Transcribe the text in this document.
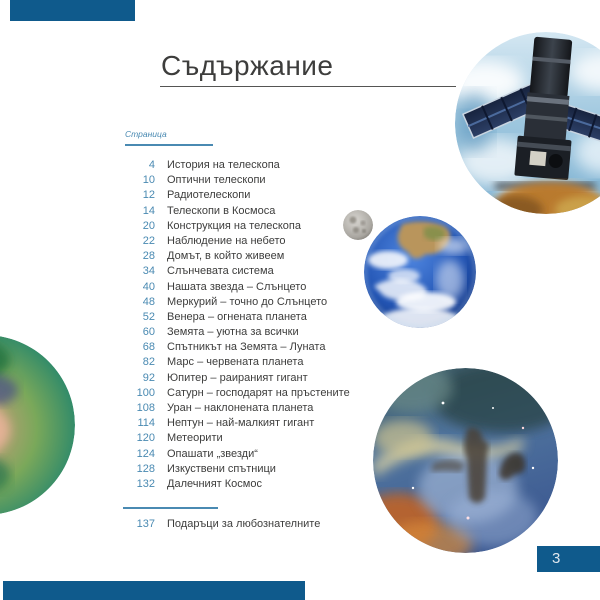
Съдържание
Страница
4 История на телескопа
10 Оптични телескопи
12 Радиотелескопи
14 Телескопи в Космоса
20 Конструкция на телескопа
22 Наблюдение на небето
28 Домът, в който живеем
34 Слънчевата система
40 Нашата звезда – Слънцето
48 Меркурий – точно до Слънцето
52 Венера – огнената планета
60 Земята – уютна за всички
68 Спътникът на Земята – Луната
82 Марс – червената планета
92 Юпитер – раираният гигант
100 Сатурн – господарят на пръстените
108 Уран – наклонената планета
114 Нептун – най-малкият гигант
120 Метеорити
124 Опашати „звезди“
128 Изкуствени спътници
132 Далечният Космос
137 Подаръци за любознателните
3
